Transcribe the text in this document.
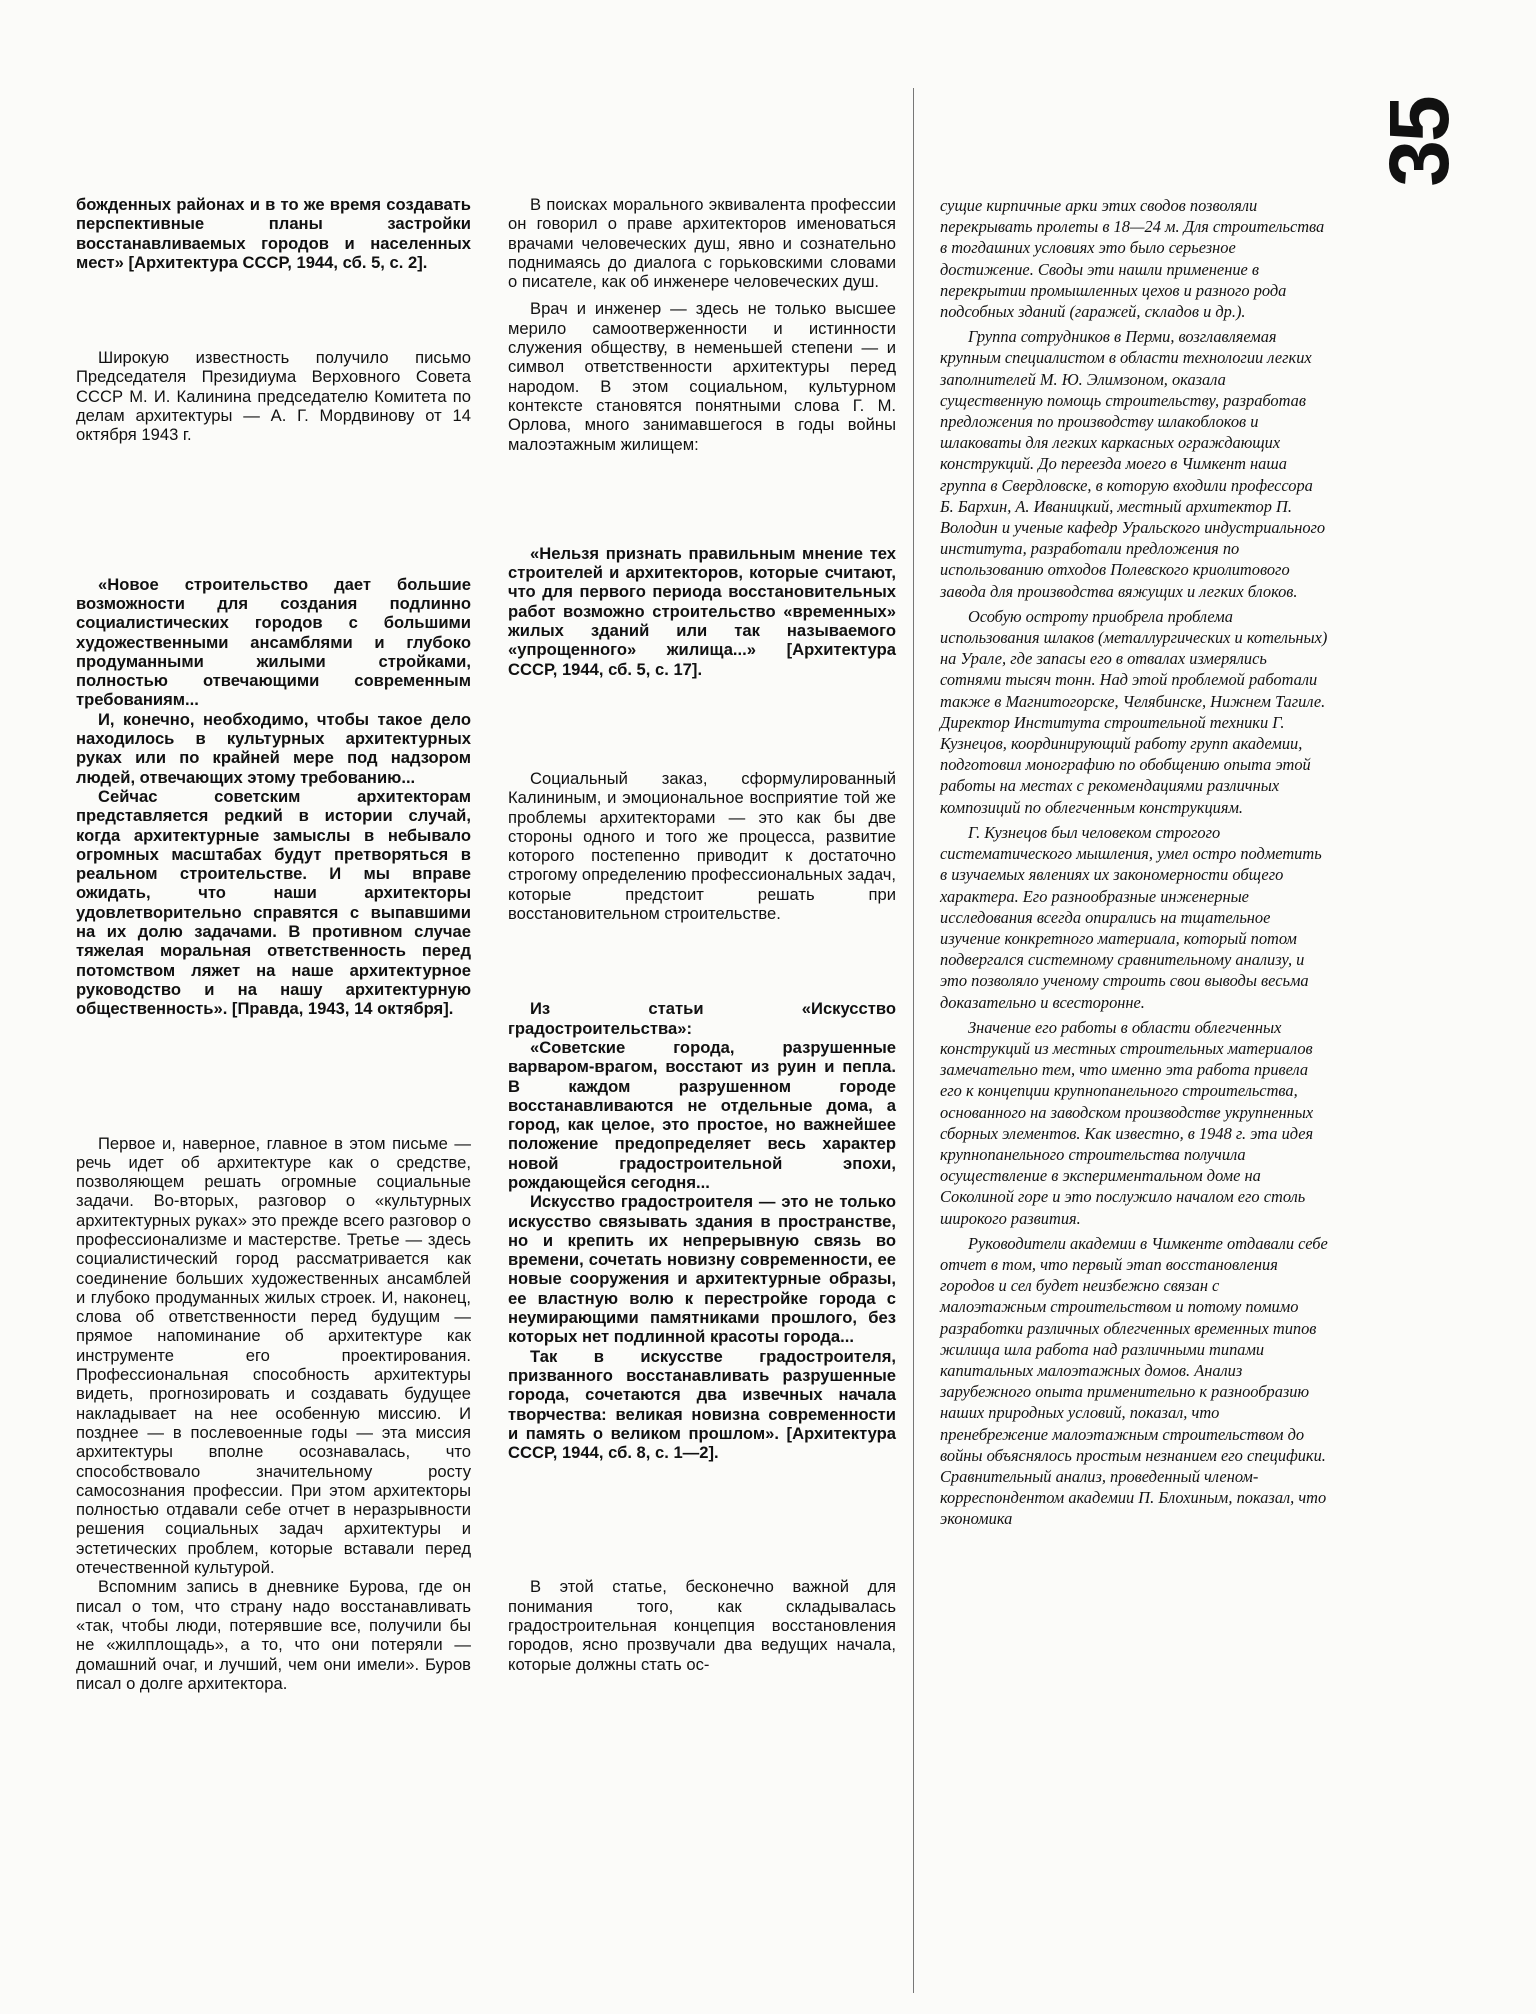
35

божденных районах и в то же время создавать перспективные планы застройки восстанавливаемых городов и населенных мест» [Архитектура СССР, 1944, сб. 5, с. 2].

Широкую известность получило письмо Председателя Президиума Верховного Совета СССР М. И. Калинина председателю Комитета по делам архитектуры — А. Г. Мордвинову от 14 октября 1943 г.

«Новое строительство дает большие возможности для создания подлинно социалистических городов с большими художественными ансамблями и глубоко продуманными жилыми стройками, полностью отвечающими современным требованиям...

И, конечно, необходимо, чтобы такое дело находилось в культурных архитектурных руках или по крайней мере под надзором людей, отвечающих этому требованию...

Сейчас советским архитекторам представляется редкий в истории случай, когда архитектурные замыслы в небывало огромных масштабах будут претворяться в реальном строительстве. И мы вправе ожидать, что наши архитекторы удовлетворительно справятся с выпавшими на их долю задачами. В противном случае тяжелая моральная ответственность перед потомством ляжет на наше архитектурное руководство и на нашу архитектурную общественность». [Правда, 1943, 14 октября].

Первое и, наверное, главное в этом письме — речь идет об архитектуре как о средстве, позволяющем решать огромные социальные задачи. Во-вторых, разговор о «культурных архитектурных руках» это прежде всего разговор о профессионализме и мастерстве. Третье — здесь социалистический город рассматривается как соединение больших художественных ансамблей и глубоко продуманных жилых строек. И, наконец, слова об ответственности перед будущим — прямое напоминание об архитектуре как инструменте его проектирования. Профессиональная способность архитектуры видеть, прогнозировать и создавать будущее накладывает на нее особенную миссию. И позднее — в послевоенные годы — эта миссия архитектуры вполне осознавалась, что способствовало значительному росту самосознания профессии. При этом архитекторы полностью отдавали себе отчет в неразрывности решения социальных задач архитектуры и эстетических проблем, которые вставали перед отечественной культурой.

Вспомним запись в дневнике Бурова, где он писал о том, что страну надо восстанавливать «так, чтобы люди, потерявшие все, получили бы не «жилплощадь», а то, что они потеряли — домашний очаг, и лучший, чем они имели». Буров писал о долге архитектора.

В поисках морального эквивалента профессии он говорил о праве архитекторов именоваться врачами человеческих душ, явно и сознательно поднимаясь до диалога с горьковскими словами о писателе, как об инженере человеческих душ.

Врач и инженер — здесь не только высшее мерило самоотверженности и истинности служения обществу, в неменьшей степени — и символ ответственности архитектуры перед народом. В этом социальном, культурном контексте становятся понятными слова Г. М. Орлова, много занимавшегося в годы войны малоэтажным жилищем:

«Нельзя признать правильным мнение тех строителей и архитекторов, которые считают, что для первого периода восстановительных работ возможно строительство «временных» жилых зданий или так называемого «упрощенного» жилища...» [Архитектура СССР, 1944, сб. 5, с. 17].

Социальный заказ, сформулированный Калининым, и эмоциональное восприятие той же проблемы архитекторами — это как бы две стороны одного и того же процесса, развитие которого постепенно приводит к достаточно строгому определению профессиональных задач, которые предстоит решать при восстановительном строительстве.

Из статьи «Искусство градостроительства»:

«Советские города, разрушенные варваром-врагом, восстают из руин и пепла. В каждом разрушенном городе восстанавливаются не отдельные дома, а город, как целое, это простое, но важнейшее положение предопределяет весь характер новой градостроительной эпохи, рождающейся сегодня...

Искусство градостроителя — это не только искусство связывать здания в пространстве, но и крепить их непрерывную связь во времени, сочетать новизну современности, ее новые сооружения и архитектурные образы, ее властную волю к перестройке города с неумирающими памятниками прошлого, без которых нет подлинной красоты города...

Так в искусстве градостроителя, призванного восстанавливать разрушенные города, сочетаются два извечных начала творчества: великая новизна современности и память о великом прошлом». [Архитектура СССР, 1944, сб. 8, с. 1—2].

В этой статье, бесконечно важной для понимания того, как складывалась градостроительная концепция восстановления городов, ясно прозвучали два ведущих начала, которые должны стать ос-

сущие кирпичные арки этих сводов позволяли перекрывать пролеты в 18—24 м. Для строительства в тогдашних условиях это было серьезное достижение. Своды эти нашли применение в перекрытии промышленных цехов и разного рода подсобных зданий (гаражей, складов и др.).

Группа сотрудников в Перми, возглавляемая крупным специалистом в области технологии легких заполнителей М. Ю. Элимзоном, оказала существенную помощь строительству, разработав предложения по производству шлакоблоков и шлаковаты для легких каркасных ограждающих конструкций. До переезда моего в Чимкент наша группа в Свердловске, в которую входили профессора Б. Бархин, А. Иваницкий, местный архитектор П. Володин и ученые кафедр Уральского индустриального института, разработали предложения по использованию отходов Полевского криолитового завода для производства вяжущих и легких блоков.

Особую остроту приобрела проблема использования шлаков (металлургических и котельных) на Урале, где запасы его в отвалах измерялись сотнями тысяч тонн. Над этой проблемой работали также в Магнитогорске, Челябинске, Нижнем Тагиле. Директор Института строительной техники Г. Кузнецов, координирующий работу групп академии, подготовил монографию по обобщению опыта этой работы на местах с рекомендациями различных композиций по облегченным конструкциям.

Г. Кузнецов был человеком строгого систематического мышления, умел остро подметить в изучаемых явлениях их закономерности общего характера. Его разнообразные инженерные исследования всегда опирались на тщательное изучение конкретного материала, который потом подвергался системному сравнительному анализу, и это позволяло ученому строить свои выводы весьма доказательно и всесторонне.

Значение его работы в области облегченных конструкций из местных строительных материалов замечательно тем, что именно эта работа привела его к концепции крупнопанельного строительства, основанного на заводском производстве укрупненных сборных элементов. Как известно, в 1948 г. эта идея крупнопанельного строительства получила осуществление в экспериментальном доме на Соколиной горе и это послужило началом его столь широкого развития.

Руководители академии в Чимкенте отдавали себе отчет в том, что первый этап восстановления городов и сел будет неизбежно связан с малоэтажным строительством и потому помимо разработки различных облегченных временных типов жилища шла работа над различными типами капитальных малоэтажных домов. Анализ зарубежного опыта применительно к разнообразию наших природных условий, показал, что пренебрежение малоэтажным строительством до войны объяснялось простым незнанием его специфики. Сравнительный анализ, проведенный членом-корреспондентом академии П. Блохиным, показал, что экономика
